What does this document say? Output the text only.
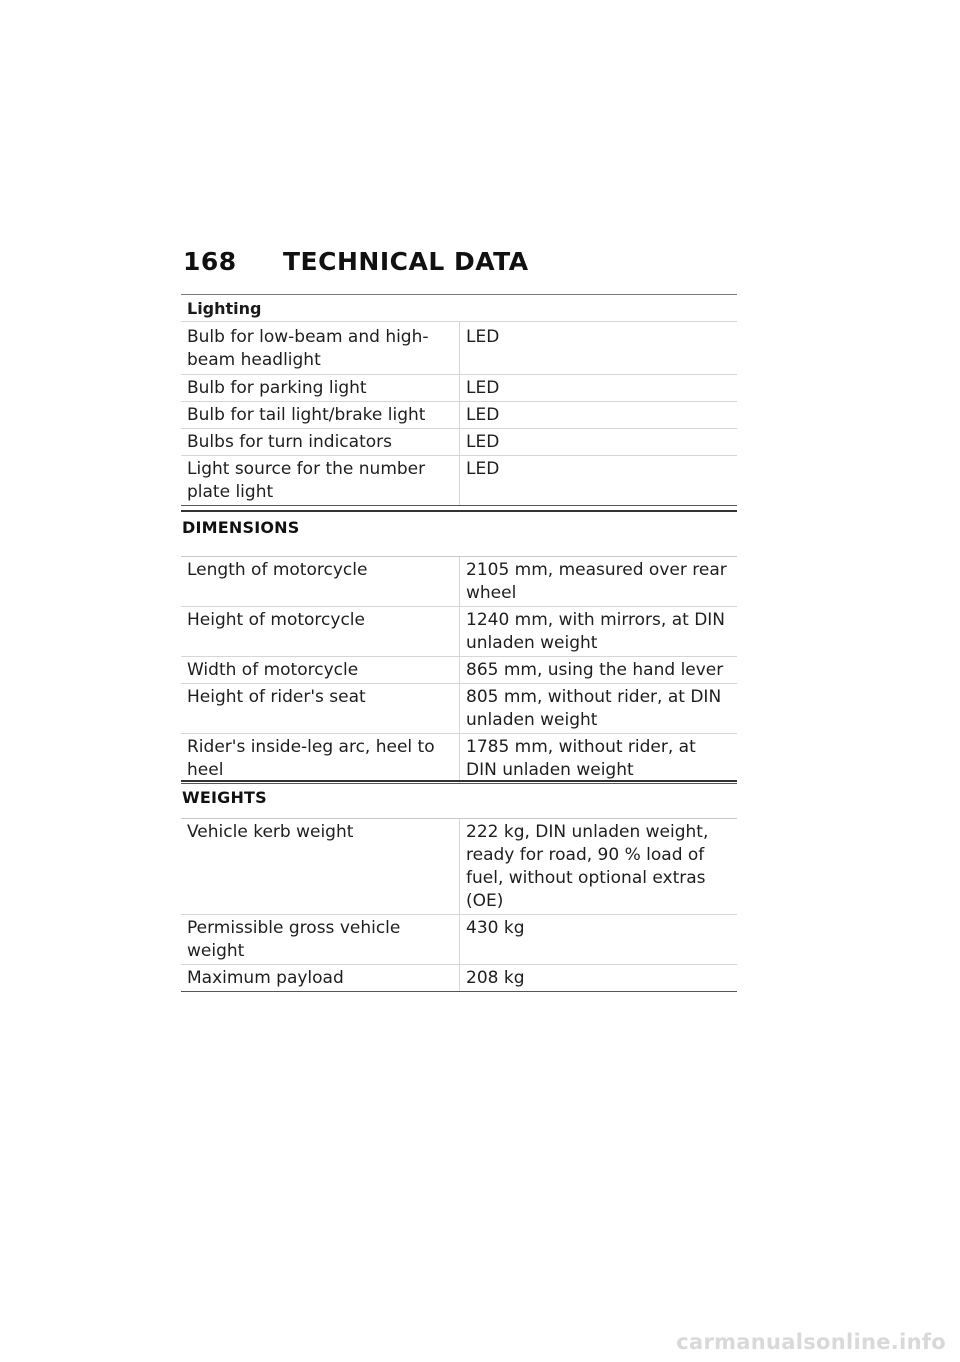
168	TECHNICAL DATA
Lighting
Bulb for low-beam and high-beam headlight	LED
Bulb for parking light	LED
Bulb for tail light/brake light	LED
Bulbs for turn indicators	LED
Light source for the number plate light	LED
DIMENSIONS
Length of motorcycle	2105 mm, measured over rear wheel
Height of motorcycle	1240 mm, with mirrors, at DIN unladen weight
Width of motorcycle	865 mm, using the hand lever
Height of rider's seat	805 mm, without rider, at DIN unladen weight
Rider's inside-leg arc, heel to heel	1785 mm, without rider, at DIN unladen weight
WEIGHTS
Vehicle kerb weight	222 kg, DIN unladen weight, ready for road, 90 % load of fuel, without optional extras (OE)
Permissible gross vehicle weight	430 kg
Maximum payload	208 kg
carmanualsonline.info
